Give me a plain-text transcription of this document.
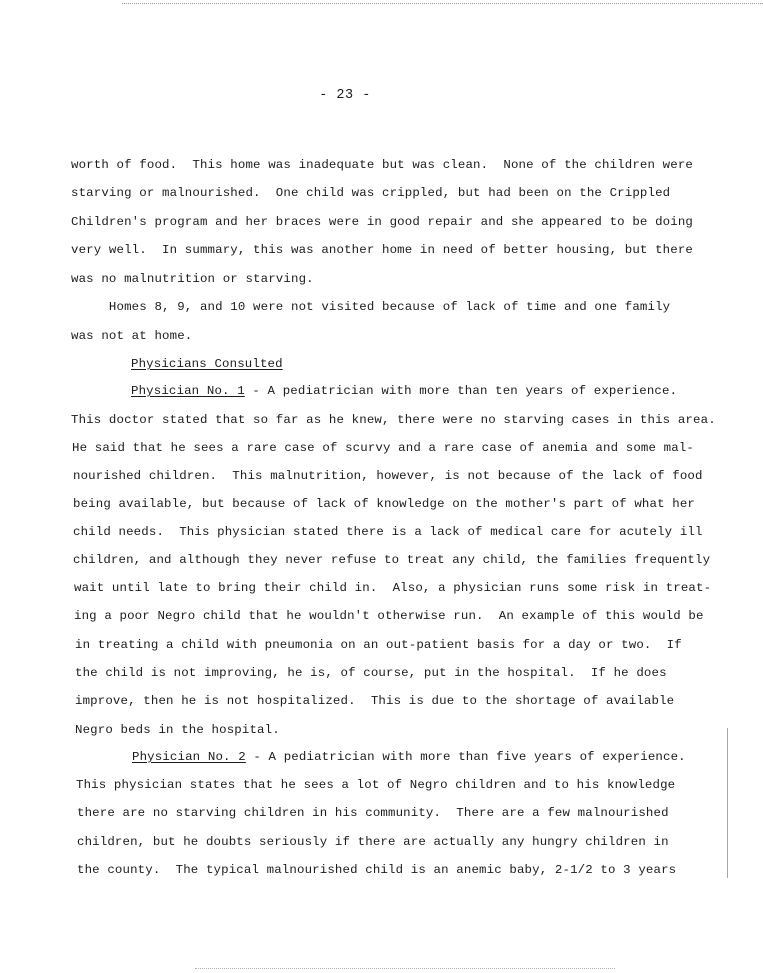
- 23 -
worth of food.  This home was inadequate but was clean.  None of the children were
starving or malnourished.  One child was crippled, but had been on the Crippled
Children's program and her braces were in good repair and she appeared to be doing
very well.  In summary, this was another home in need of better housing, but there
was no malnutrition or starving.
Homes 8, 9, and 10 were not visited because of lack of time and one family
was not at home.
Physicians Consulted
Physician No. 1 - A pediatrician with more than ten years of experience.
This doctor stated that so far as he knew, there were no starving cases in this area.
He said that he sees a rare case of scurvy and a rare case of anemia and some mal-
nourished children.  This malnutrition, however, is not because of the lack of food
being available, but because of lack of knowledge on the mother's part of what her
child needs.  This physician stated there is a lack of medical care for acutely ill
children, and although they never refuse to treat any child, the families frequently
wait until late to bring their child in.  Also, a physician runs some risk in treat-
ing a poor Negro child that he wouldn't otherwise run.  An example of this would be
in treating a child with pneumonia on an out-patient basis for a day or two.  If
the child is not improving, he is, of course, put in the hospital.  If he does
improve, then he is not hospitalized.  This is due to the shortage of available
Negro beds in the hospital.
Physician No. 2 - A pediatrician with more than five years of experience.
This physician states that he sees a lot of Negro children and to his knowledge
there are no starving children in his community.  There are a few malnourished
children, but he doubts seriously if there are actually any hungry children in
the county.  The typical malnourished child is an anemic baby, 2-1/2 to 3 years
